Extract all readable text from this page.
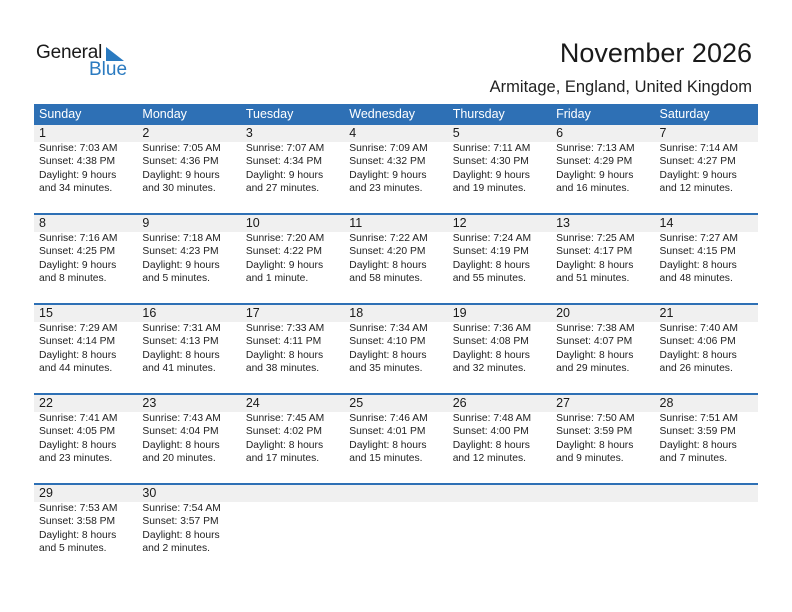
General
Blue
November 2026
Armitage, England, United Kingdom
Sunday	Monday	Tuesday	Wednesday	Thursday	Friday	Saturday
1	2	3	4	5	6	7
Sunrise: 7:03 AM
Sunset: 4:38 PM
Daylight: 9 hours
and 34 minutes.
Sunrise: 7:05 AM
Sunset: 4:36 PM
Daylight: 9 hours
and 30 minutes.
Sunrise: 7:07 AM
Sunset: 4:34 PM
Daylight: 9 hours
and 27 minutes.
Sunrise: 7:09 AM
Sunset: 4:32 PM
Daylight: 9 hours
and 23 minutes.
Sunrise: 7:11 AM
Sunset: 4:30 PM
Daylight: 9 hours
and 19 minutes.
Sunrise: 7:13 AM
Sunset: 4:29 PM
Daylight: 9 hours
and 16 minutes.
Sunrise: 7:14 AM
Sunset: 4:27 PM
Daylight: 9 hours
and 12 minutes.
8	9	10	11	12	13	14
Sunrise: 7:16 AM
Sunset: 4:25 PM
Daylight: 9 hours
and 8 minutes.
Sunrise: 7:18 AM
Sunset: 4:23 PM
Daylight: 9 hours
and 5 minutes.
Sunrise: 7:20 AM
Sunset: 4:22 PM
Daylight: 9 hours
and 1 minute.
Sunrise: 7:22 AM
Sunset: 4:20 PM
Daylight: 8 hours
and 58 minutes.
Sunrise: 7:24 AM
Sunset: 4:19 PM
Daylight: 8 hours
and 55 minutes.
Sunrise: 7:25 AM
Sunset: 4:17 PM
Daylight: 8 hours
and 51 minutes.
Sunrise: 7:27 AM
Sunset: 4:15 PM
Daylight: 8 hours
and 48 minutes.
15	16	17	18	19	20	21
Sunrise: 7:29 AM
Sunset: 4:14 PM
Daylight: 8 hours
and 44 minutes.
Sunrise: 7:31 AM
Sunset: 4:13 PM
Daylight: 8 hours
and 41 minutes.
Sunrise: 7:33 AM
Sunset: 4:11 PM
Daylight: 8 hours
and 38 minutes.
Sunrise: 7:34 AM
Sunset: 4:10 PM
Daylight: 8 hours
and 35 minutes.
Sunrise: 7:36 AM
Sunset: 4:08 PM
Daylight: 8 hours
and 32 minutes.
Sunrise: 7:38 AM
Sunset: 4:07 PM
Daylight: 8 hours
and 29 minutes.
Sunrise: 7:40 AM
Sunset: 4:06 PM
Daylight: 8 hours
and 26 minutes.
22	23	24	25	26	27	28
Sunrise: 7:41 AM
Sunset: 4:05 PM
Daylight: 8 hours
and 23 minutes.
Sunrise: 7:43 AM
Sunset: 4:04 PM
Daylight: 8 hours
and 20 minutes.
Sunrise: 7:45 AM
Sunset: 4:02 PM
Daylight: 8 hours
and 17 minutes.
Sunrise: 7:46 AM
Sunset: 4:01 PM
Daylight: 8 hours
and 15 minutes.
Sunrise: 7:48 AM
Sunset: 4:00 PM
Daylight: 8 hours
and 12 minutes.
Sunrise: 7:50 AM
Sunset: 3:59 PM
Daylight: 8 hours
and 9 minutes.
Sunrise: 7:51 AM
Sunset: 3:59 PM
Daylight: 8 hours
and 7 minutes.
29	30
Sunrise: 7:53 AM
Sunset: 3:58 PM
Daylight: 8 hours
and 5 minutes.
Sunrise: 7:54 AM
Sunset: 3:57 PM
Daylight: 8 hours
and 2 minutes.
